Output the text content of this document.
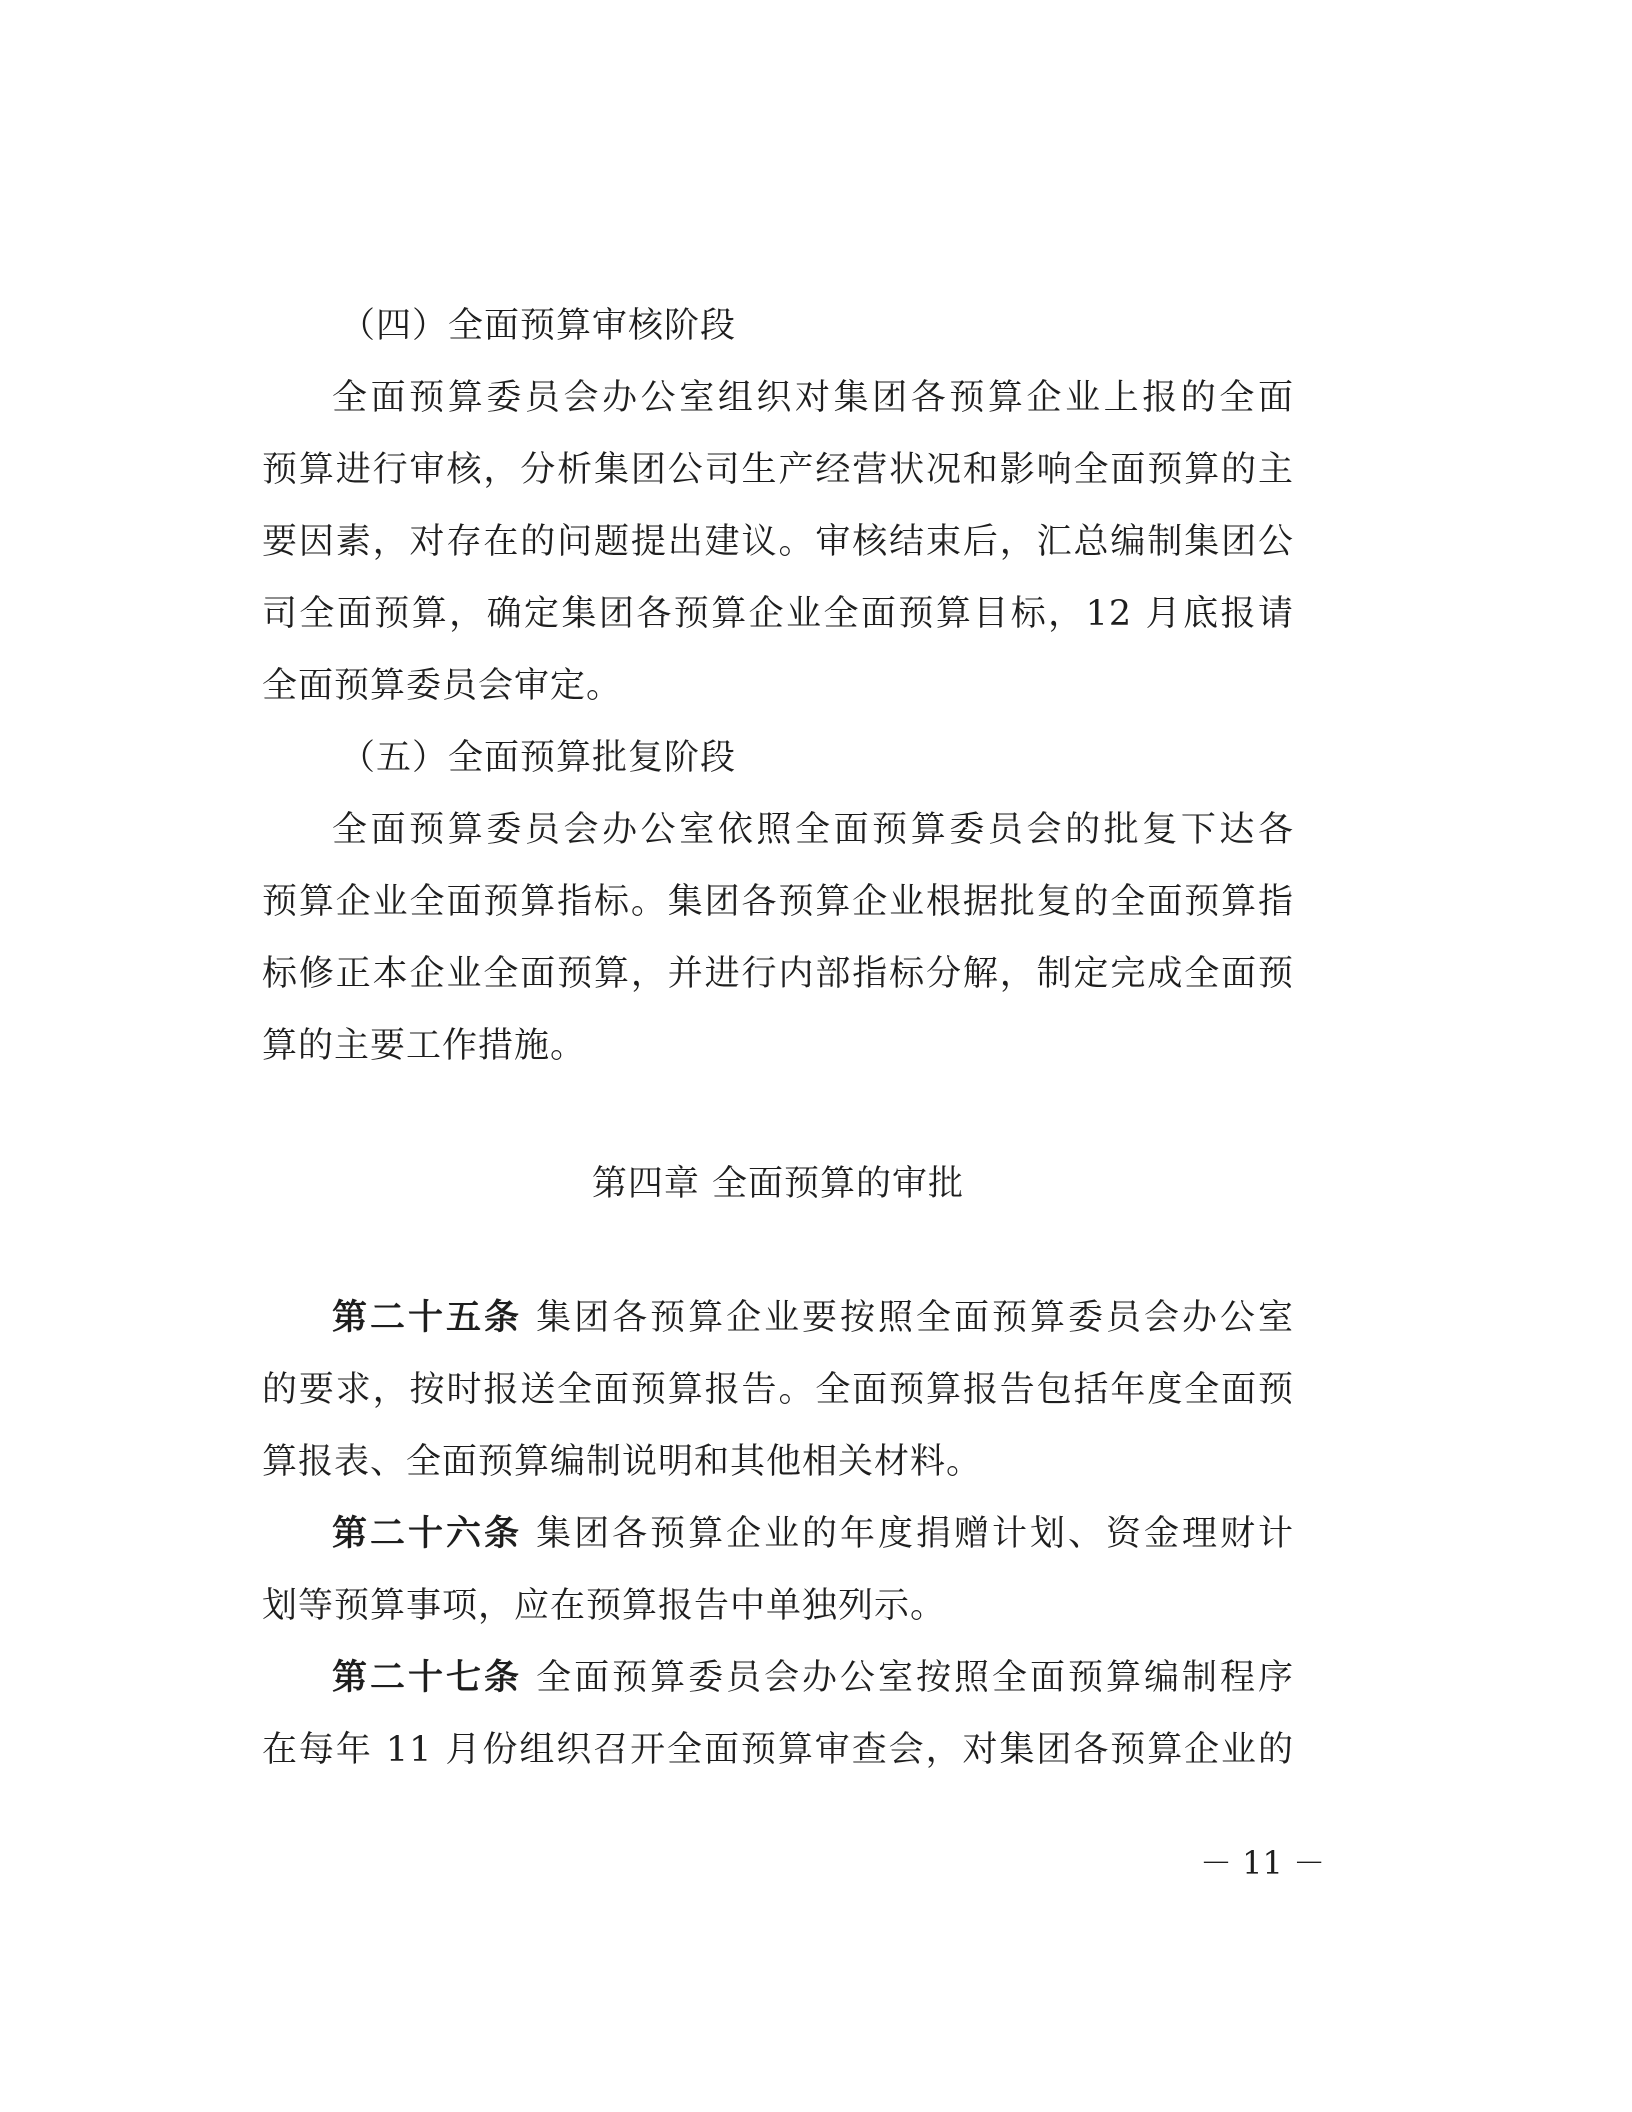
（四）全面预算审核阶段
全面预算委员会办公室组织对集团各预算企业上报的全面
预算进行审核，分析集团公司生产经营状况和影响全面预算的主
要因素，对存在的问题提出建议。审核结束后，汇总编制集团公
司全面预算，确定集团各预算企业全面预算目标，12 月底报请
全面预算委员会审定。
（五）全面预算批复阶段
全面预算委员会办公室依照全面预算委员会的批复下达各
预算企业全面预算指标。集团各预算企业根据批复的全面预算指
标修正本企业全面预算，并进行内部指标分解，制定完成全面预
算的主要工作措施。
第四章 全面预算的审批
第二十五条 集团各预算企业要按照全面预算委员会办公室
的要求，按时报送全面预算报告。全面预算报告包括年度全面预
算报表、全面预算编制说明和其他相关材料。
第二十六条 集团各预算企业的年度捐赠计划、资金理财计
划等预算事项，应在预算报告中单独列示。
第二十七条 全面预算委员会办公室按照全面预算编制程序
在每年 11 月份组织召开全面预算审查会，对集团各预算企业的
－ 11 －
